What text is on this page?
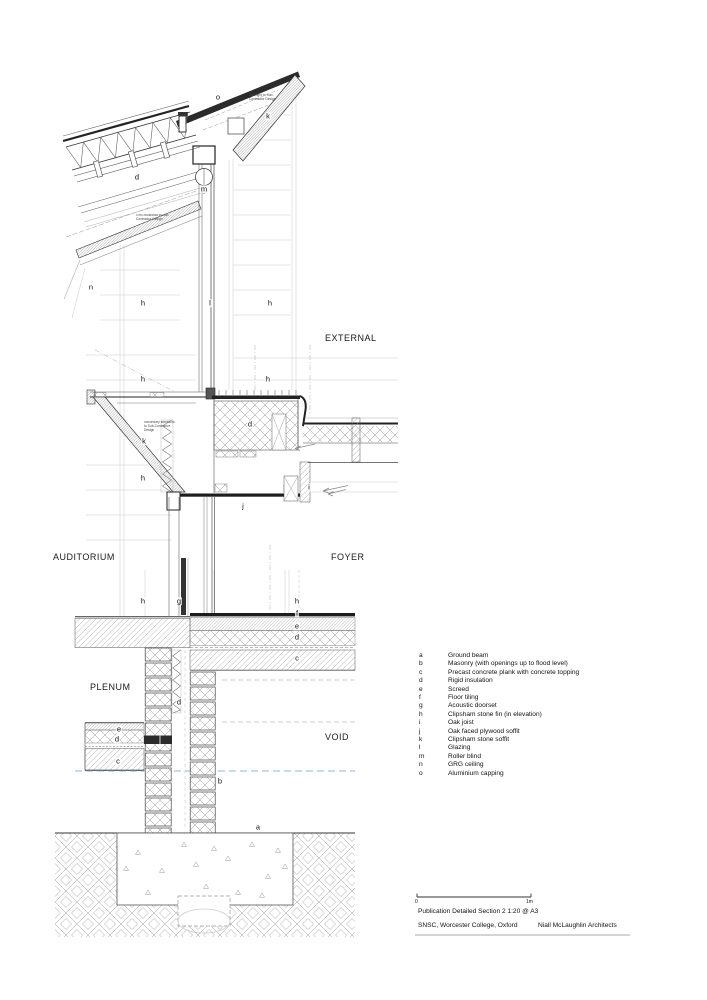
o
k
d
m
n
h	l	h
h	h
d
k
h
i
j
h	g	h
f
e
d
c
d
e
d
c
b
a
EXTERNAL
AUDITORIUM	FOYER
PLENUM
VOID
Rooflight to Sub-Contractor Design
GRG bulkhead to Sub-Contractor Design
Secondary steelwork to Sub-Contractor Design
a	Ground beam
b	Masonry (with openings up to flood level)
c	Precast concrete plank with concrete topping
d	Rigid insulation
e	Screed
f	Floor tiling
g	Acoustic doorset
h	Clipsham stone fin (in elevation)
i	Oak joist
j	Oak faced plywood soffit
k	Clipsham stone soffit
l	Glazing
m	Roller blind
n	GRG ceiling
o	Aluminium capping
0	1m
Publication Detailed Section 2 1:20 @ A3
SNSC, Worcester College, Oxford	Niall McLaughlin Architects
